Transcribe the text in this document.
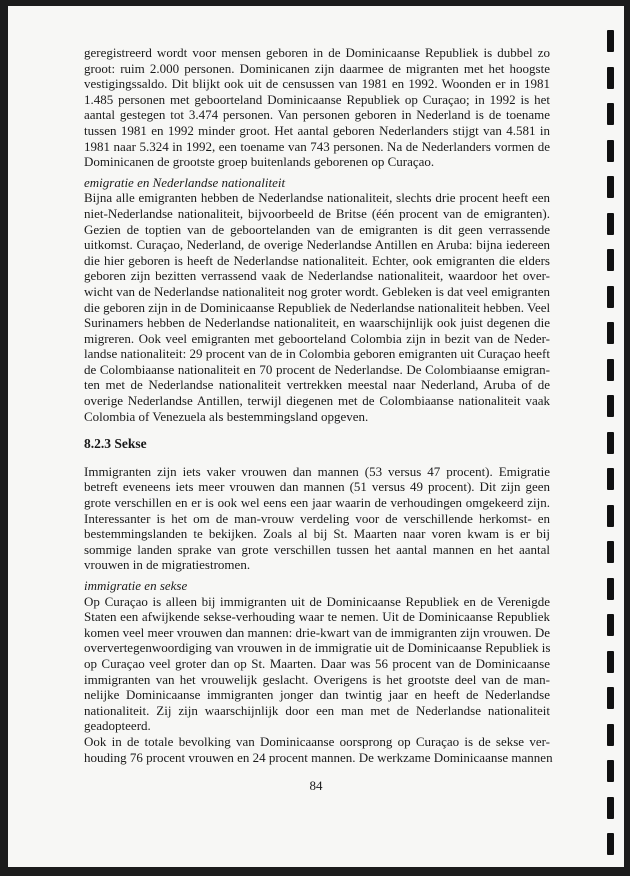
geregistreerd wordt voor mensen geboren in de Dominicaanse Republiek is dubbel zo
groot: ruim 2.000 personen. Dominicanen zijn daarmee de migranten met het hoogste
vestigingssaldo. Dit blijkt ook uit de censussen van 1981 en 1992. Woonden er in 1981
1.485 personen met geboorteland Dominicaanse Republiek op Curaçao; in 1992 is het
aantal gestegen tot 3.474 personen. Van personen geboren in Nederland is de toename
tussen 1981 en 1992 minder groot. Het aantal geboren Nederlanders stijgt van 4.581 in
1981 naar 5.324 in 1992, een toename van 743 personen. Na de Nederlanders vormen de
Dominicanen de grootste groep buitenlands geborenen op Curaçao.
emigratie en Nederlandse nationaliteit
Bijna alle emigranten hebben de Nederlandse nationaliteit, slechts drie procent heeft een
niet-Nederlandse nationaliteit, bijvoorbeeld de Britse (één procent van de emigranten).
Gezien de toptien van de geboortelanden van de emigranten is dit geen verrassende
uitkomst. Curaçao, Nederland, de overige Nederlandse Antillen en Aruba: bijna iedereen
die hier geboren is heeft de Nederlandse nationaliteit. Echter, ook emigranten die elders
geboren zijn bezitten verrassend vaak de Nederlandse nationaliteit, waardoor het over-
wicht van de Nederlandse nationaliteit nog groter wordt. Gebleken is dat veel emigranten
die geboren zijn in de Dominicaanse Republiek de Nederlandse nationaliteit hebben. Veel
Surinamers hebben de Nederlandse nationaliteit, en waarschijnlijk ook juist degenen die
migreren. Ook veel emigranten met geboorteland Colombia zijn in bezit van de Neder-
landse nationaliteit: 29 procent van de in Colombia geboren emigranten uit Curaçao heeft
de Colombiaanse nationaliteit en 70 procent de Nederlandse. De Colombiaanse emigran-
ten met de Nederlandse nationaliteit vertrekken meestal naar Nederland, Aruba of de
overige Nederlandse Antillen, terwijl diegenen met de Colombiaanse nationaliteit vaak
Colombia of Venezuela als bestemmingsland opgeven.
8.2.3 Sekse
Immigranten zijn iets vaker vrouwen dan mannen (53 versus 47 procent). Emigratie
betreft eveneens iets meer vrouwen dan mannen (51 versus 49 procent). Dit zijn geen
grote verschillen en er is ook wel eens een jaar waarin de verhoudingen omgekeerd zijn.
Interessanter is het om de man-vrouw verdeling voor de verschillende herkomst- en
bestemmingslanden te bekijken. Zoals al bij St. Maarten naar voren kwam is er bij
sommige landen sprake van grote verschillen tussen het aantal mannen en het aantal
vrouwen in de migratiestromen.
immigratie en sekse
Op Curaçao is alleen bij immigranten uit de Dominicaanse Republiek en de Verenigde
Staten een afwijkende sekse-verhouding waar te nemen. Uit de Dominicaanse Republiek
komen veel meer vrouwen dan mannen: drie-kwart van de immigranten zijn vrouwen. De
oververtegenwoordiging van vrouwen in de immigratie uit de Dominicaanse Republiek is
op Curaçao veel groter dan op St. Maarten. Daar was 56 procent van de Dominicaanse
immigranten van het vrouwelijk geslacht. Overigens is het grootste deel van de man-
nelijke Dominicaanse immigranten jonger dan twintig jaar en heeft de Nederlandse
nationaliteit. Zij zijn waarschijnlijk door een man met de Nederlandse nationaliteit
geadopteerd.
Ook in de totale bevolking van Dominicaanse oorsprong op Curaçao is de sekse ver-
houding 76 procent vrouwen en 24 procent mannen. De werkzame Dominicaanse mannen
84
